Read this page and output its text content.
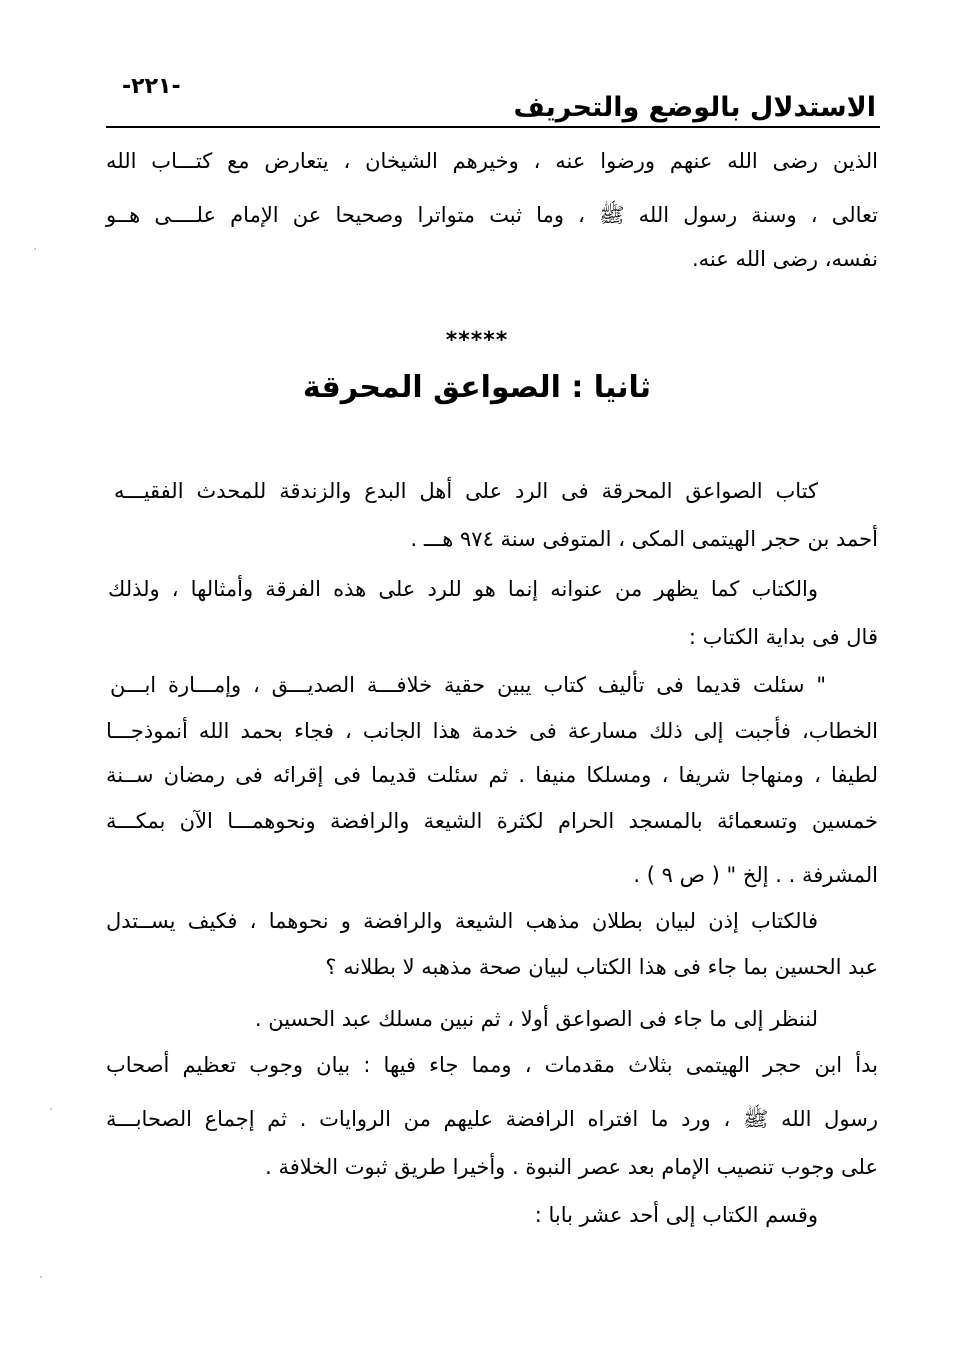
-٢٢١-
الاستدلال بالوضع والتحريف
الذين رضى الله عنهم ورضوا عنه ، وخيرهم الشيخان ، يتعارض مع كتـــاب الله
تعالى ، وسنة رسول الله ﷺ ، وما ثبت متواترا وصحيحا عن الإمام علــــى هــو
نفسه، رضى الله عنه.
*****
ثانيا : الصواعق المحرقة
كتاب الصواعق المحرقة فى الرد على أهل البدع والزندقة للمحدث الفقيـــه
أحمد بن حجر الهيتمى المكى ، المتوفى سنة ٩٧٤ هـــ .
والكتاب كما يظهر من عنوانه إنما هو للرد على هذه الفرقة وأمثالها ، ولذلك
قال فى بداية الكتاب :
" سئلت قديما فى تأليف كتاب يبين حقية خلافـــة الصديـــق ، وإمـــارة ابـــن
الخطاب، فأجبت إلى ذلك مسارعة فى خدمة هذا الجانب ، فجاء بحمد الله أنموذجـــا
لطيفا ، ومنهاجا شريفا ، ومسلكا منيفا . ثم سئلت قديما فى إقرائه فى رمضان ســنة
خمسين وتسعمائة بالمسجد الحرام لكثرة الشيعة والرافضة ونحوهمـــا الآن بمكـــة
المشرفة . . إلخ " ( ص ٩ ) .
فالكتاب إذن لبيان بطلان مذهب الشيعة والرافضة و نحوهما ، فكيف يســتدل
عبد الحسين بما جاء فى هذا الكتاب لبيان صحة مذهبه لا بطلانه ؟
لننظر إلى ما جاء فى الصواعق أولا ، ثم نبين مسلك عبد الحسين .
بدأ ابن حجر الهيتمى بثلاث مقدمات ، ومما جاء فيها : بيان وجوب تعظيم أصحاب
رسول الله ﷺ ، ورد ما افتراه الرافضة عليهم من الروايات . ثم إجماع الصحابـــة
على وجوب تنصيب الإمام بعد عصر النبوة . وأخيرا طريق ثبوت الخلافة .
وقسم الكتاب إلى أحد عشر بابا :
